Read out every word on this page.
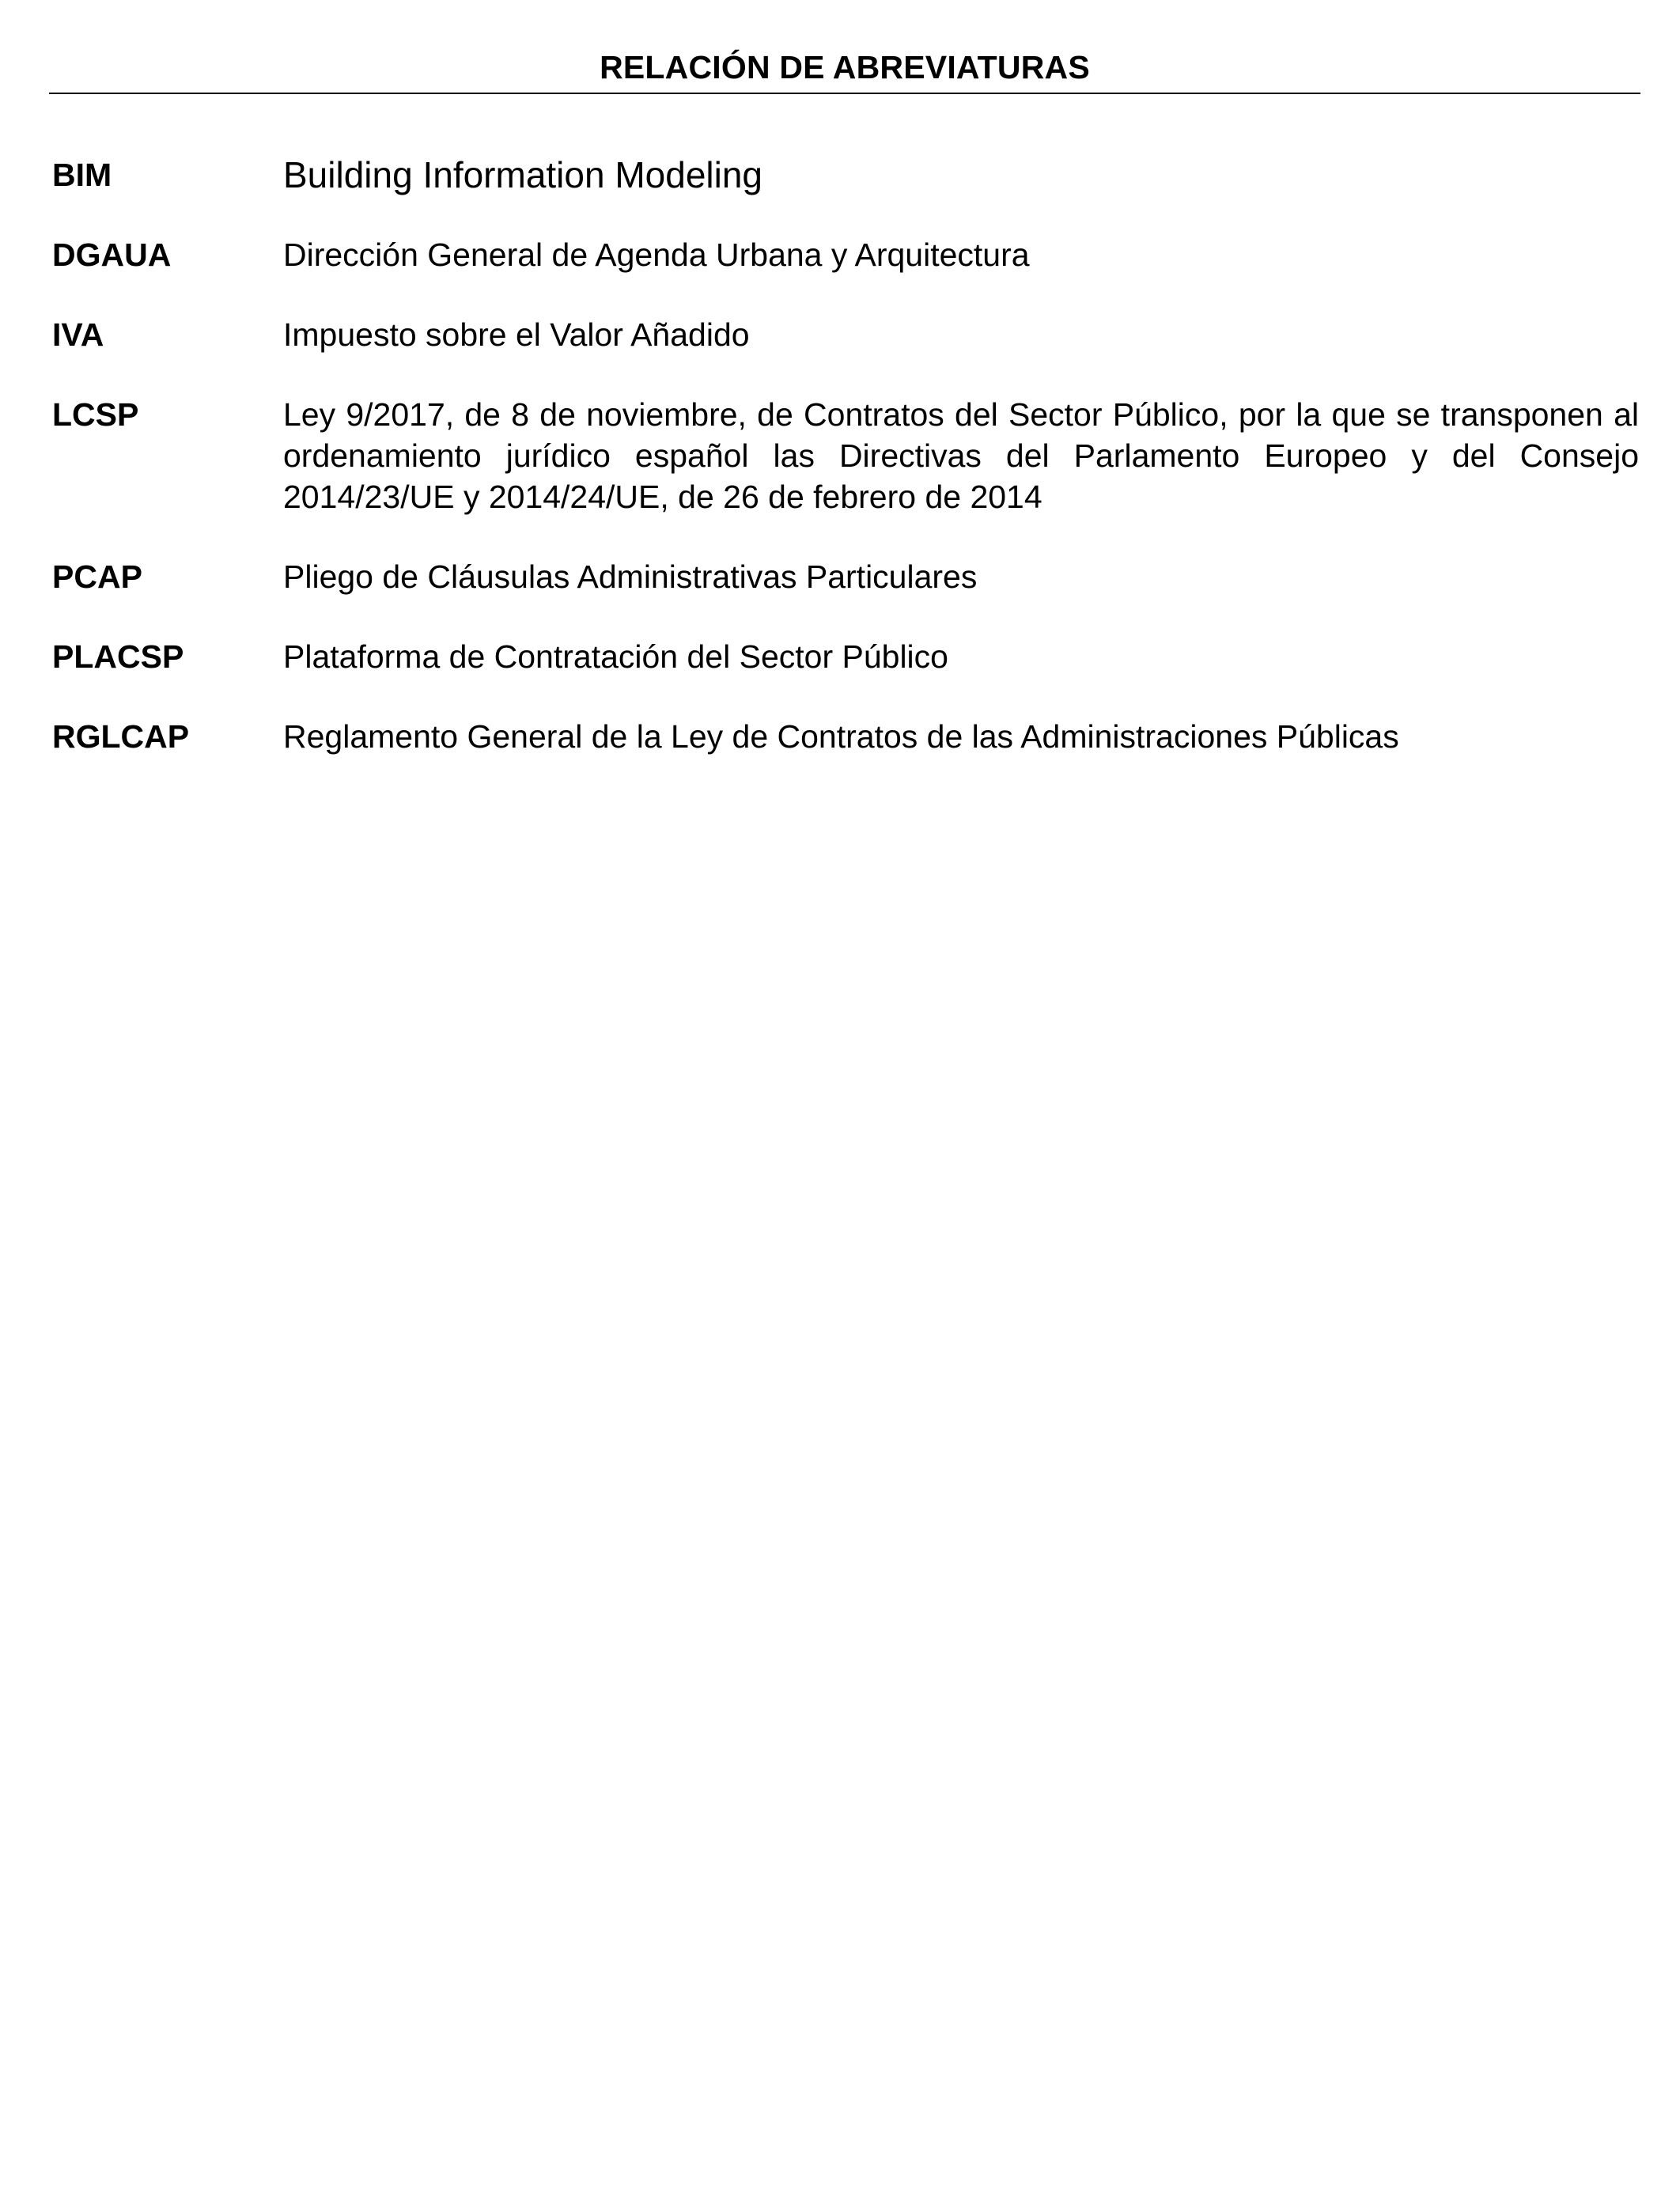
RELACIÓN DE ABREVIATURAS
BIM	Building Information Modeling
DGAUA	Dirección General de Agenda Urbana y Arquitectura
IVA	Impuesto sobre el Valor Añadido
LCSP	Ley 9/2017, de 8 de noviembre, de Contratos del Sector Público, por la que se transponen al ordenamiento jurídico español las Directivas del Parlamento Europeo y del Consejo 2014/23/UE y 2014/24/UE, de 26 de febrero de 2014
PCAP	Pliego de Cláusulas Administrativas Particulares
PLACSP	Plataforma de Contratación del Sector Público
RGLCAP	Reglamento General de la Ley de Contratos de las Administraciones Públicas
